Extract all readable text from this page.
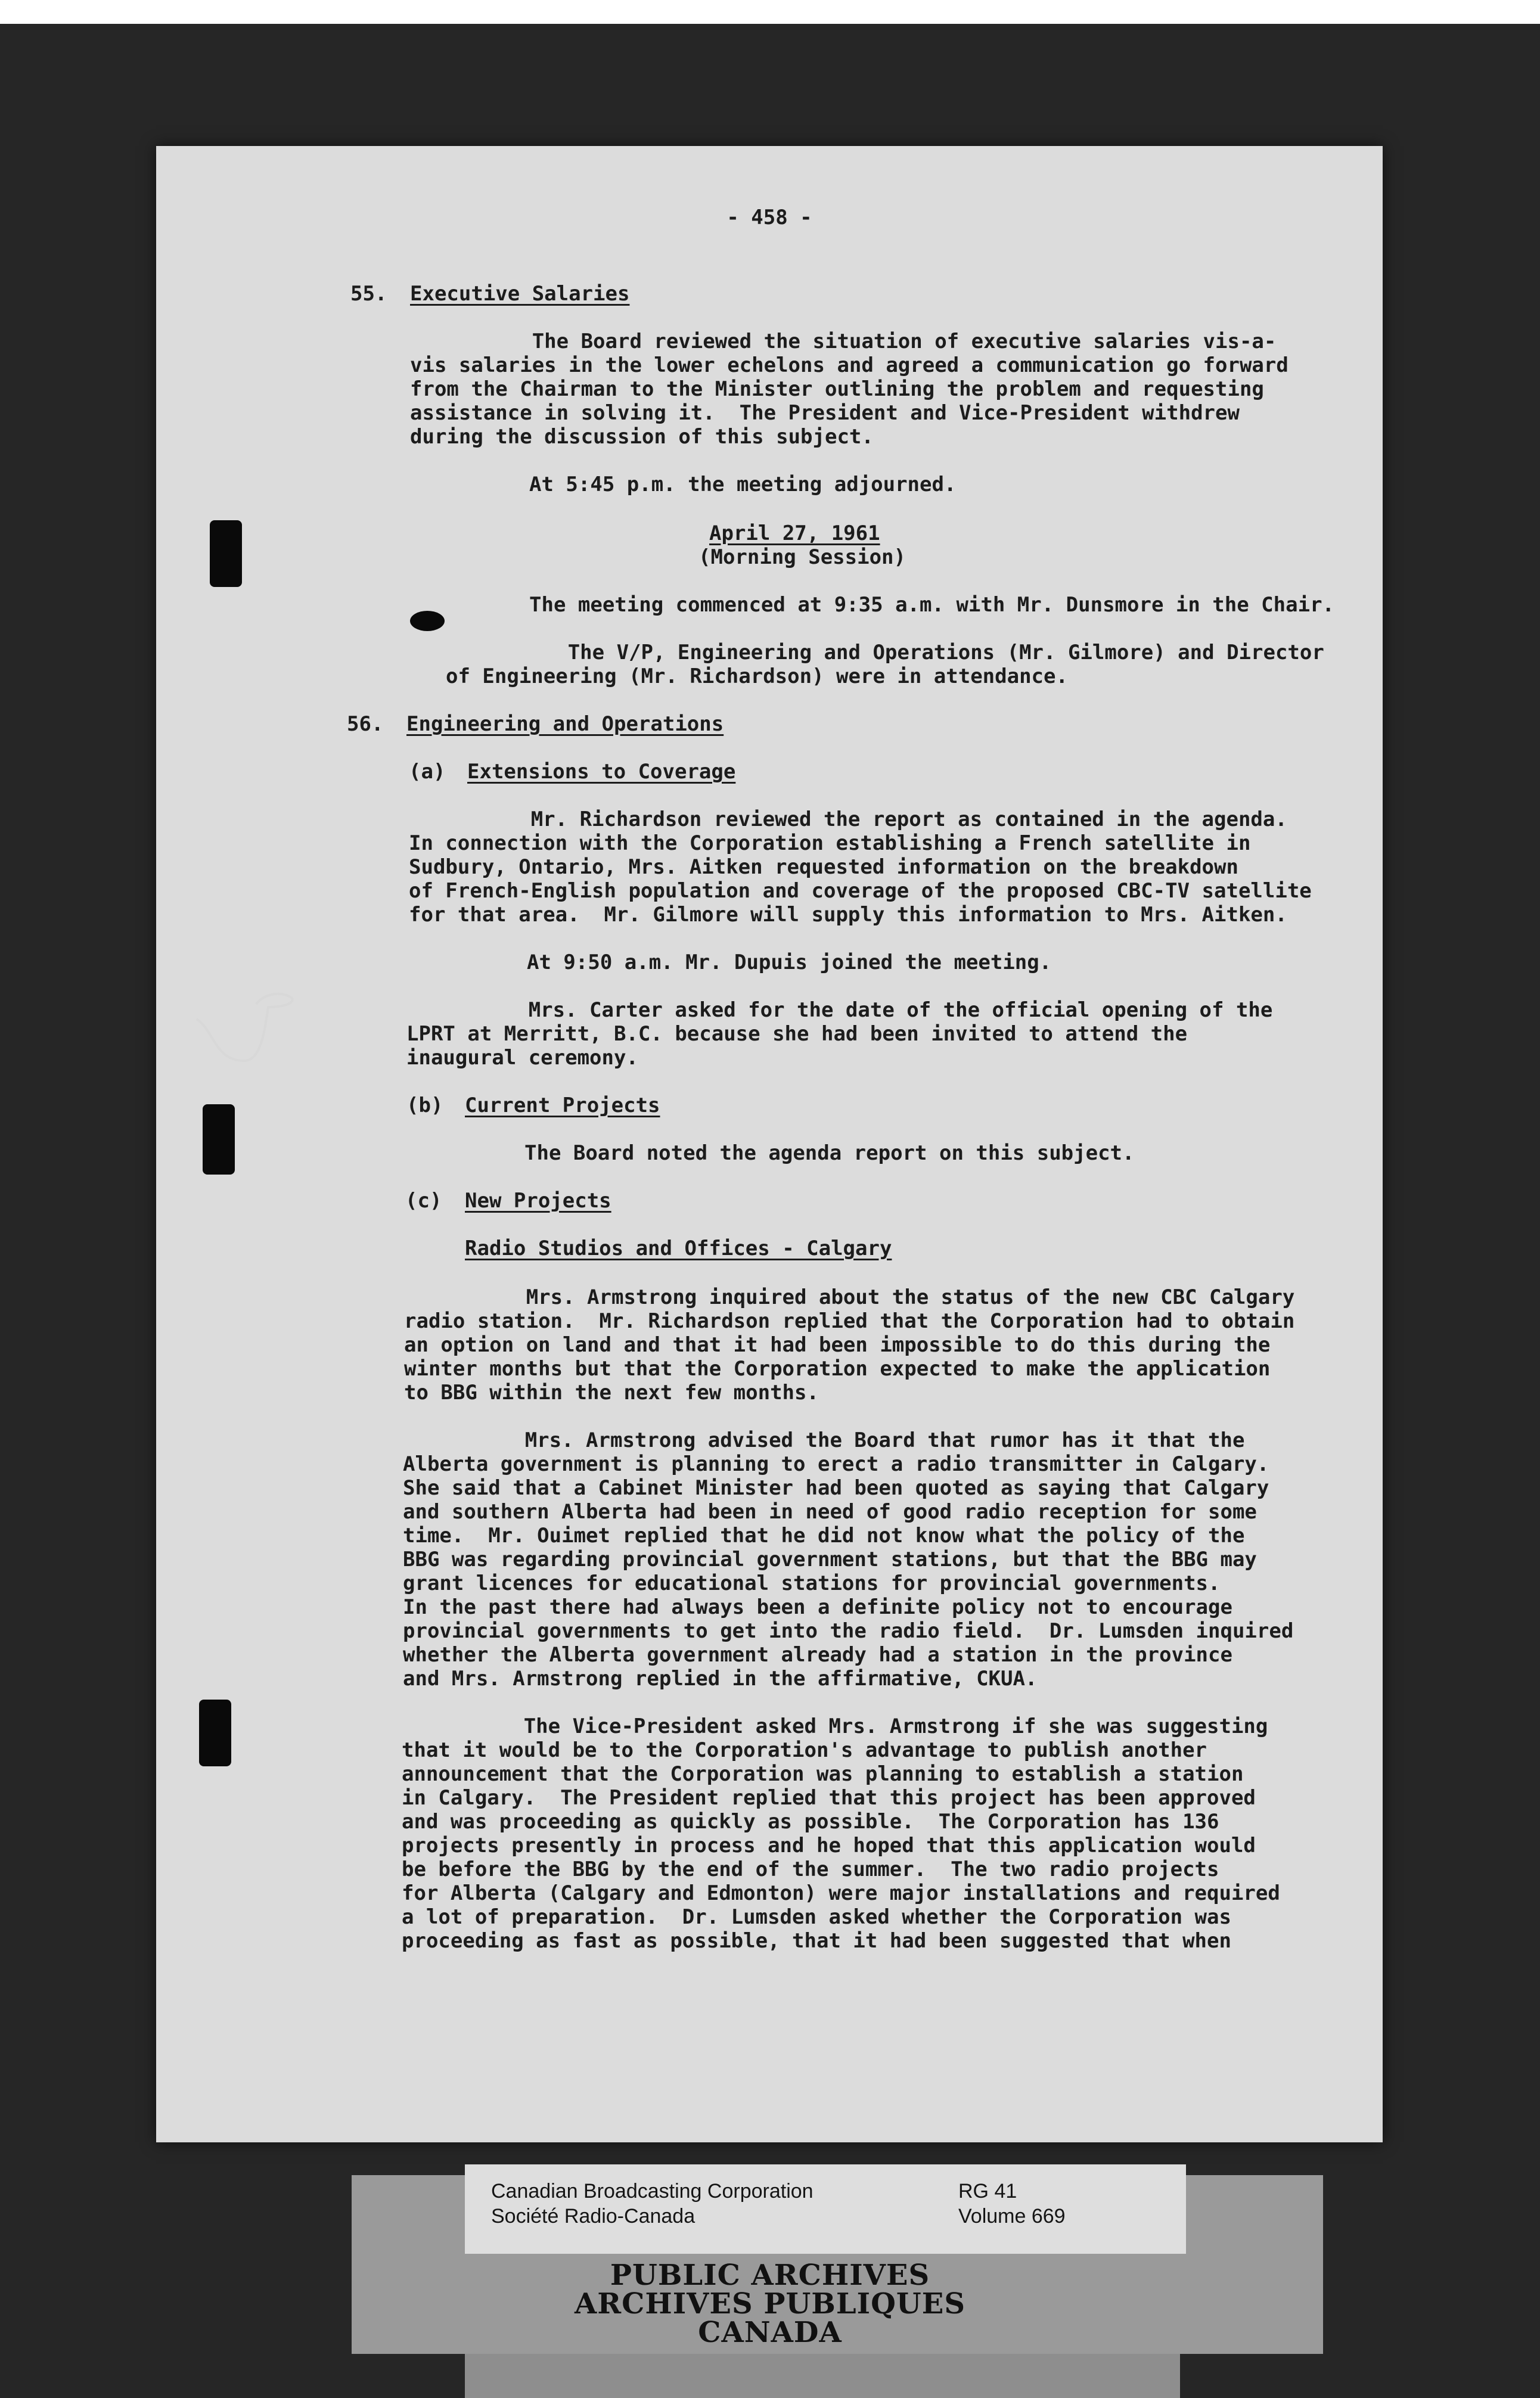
- 458 -
55. Executive Salaries
The Board reviewed the situation of executive salaries vis-a-
vis salaries in the lower echelons and agreed a communication go forward
from the Chairman to the Minister outlining the problem and requesting
assistance in solving it.  The President and Vice-President withdrew
during the discussion of this subject.
At 5:45 p.m. the meeting adjourned.
April 27, 1961
(Morning Session)
The meeting commenced at 9:35 a.m. with Mr. Dunsmore in the Chair.
The V/P, Engineering and Operations (Mr. Gilmore) and Director
of Engineering (Mr. Richardson) were in attendance.
56. Engineering and Operations
(a) Extensions to Coverage
Mr. Richardson reviewed the report as contained in the agenda.
In connection with the Corporation establishing a French satellite in
Sudbury, Ontario, Mrs. Aitken requested information on the breakdown
of French-English population and coverage of the proposed CBC-TV satellite
for that area.  Mr. Gilmore will supply this information to Mrs. Aitken.
At 9:50 a.m. Mr. Dupuis joined the meeting.
Mrs. Carter asked for the date of the official opening of the
LPRT at Merritt, B.C. because she had been invited to attend the
inaugural ceremony.
(b) Current Projects
The Board noted the agenda report on this subject.
(c) New Projects
Radio Studios and Offices - Calgary
Mrs. Armstrong inquired about the status of the new CBC Calgary
radio station.  Mr. Richardson replied that the Corporation had to obtain
an option on land and that it had been impossible to do this during the
winter months but that the Corporation expected to make the application
to BBG within the next few months.
Mrs. Armstrong advised the Board that rumor has it that the
Alberta government is planning to erect a radio transmitter in Calgary.
She said that a Cabinet Minister had been quoted as saying that Calgary
and southern Alberta had been in need of good radio reception for some
time.  Mr. Ouimet replied that he did not know what the policy of the
BBG was regarding provincial government stations, but that the BBG may
grant licences for educational stations for provincial governments.
In the past there had always been a definite policy not to encourage
provincial governments to get into the radio field.  Dr. Lumsden inquired
whether the Alberta government already had a station in the province
and Mrs. Armstrong replied in the affirmative, CKUA.
The Vice-President asked Mrs. Armstrong if she was suggesting
that it would be to the Corporation's advantage to publish another
announcement that the Corporation was planning to establish a station
in Calgary.  The President replied that this project has been approved
and was proceeding as quickly as possible.  The Corporation has 136
projects presently in process and he hoped that this application would
be before the BBG by the end of the summer.  The two radio projects
for Alberta (Calgary and Edmonton) were major installations and required
a lot of preparation.  Dr. Lumsden asked whether the Corporation was
proceeding as fast as possible, that it had been suggested that when
Canadian Broadcasting Corporation
Société Radio-Canada
RG 41
Volume 669
PUBLIC ARCHIVES
ARCHIVES PUBLIQUES
CANADA
